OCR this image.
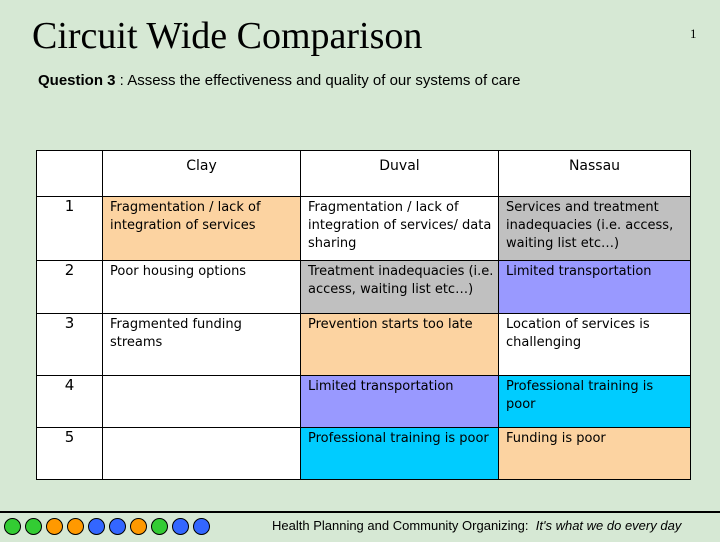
Circuit Wide Comparison	1
Question 3 : Assess the effectiveness and quality of our systems of care
	Clay	Duval	Nassau
1	Fragmentation / lack of integration of services	Fragmentation / lack of integration of services/ data sharing	Services and treatment inadequacies (i.e. access, waiting list etc…)

2	Poor housing options	Treatment inadequacies (i.e. access, waiting list etc…)	Limited transportation

3	Fragmented funding streams	Prevention starts too late	Location of services is challenging

4		Limited transportation	Professional training is poor

5		Professional training is poor	Funding is poor
Health Planning and Community Organizing: It's what we do every day
